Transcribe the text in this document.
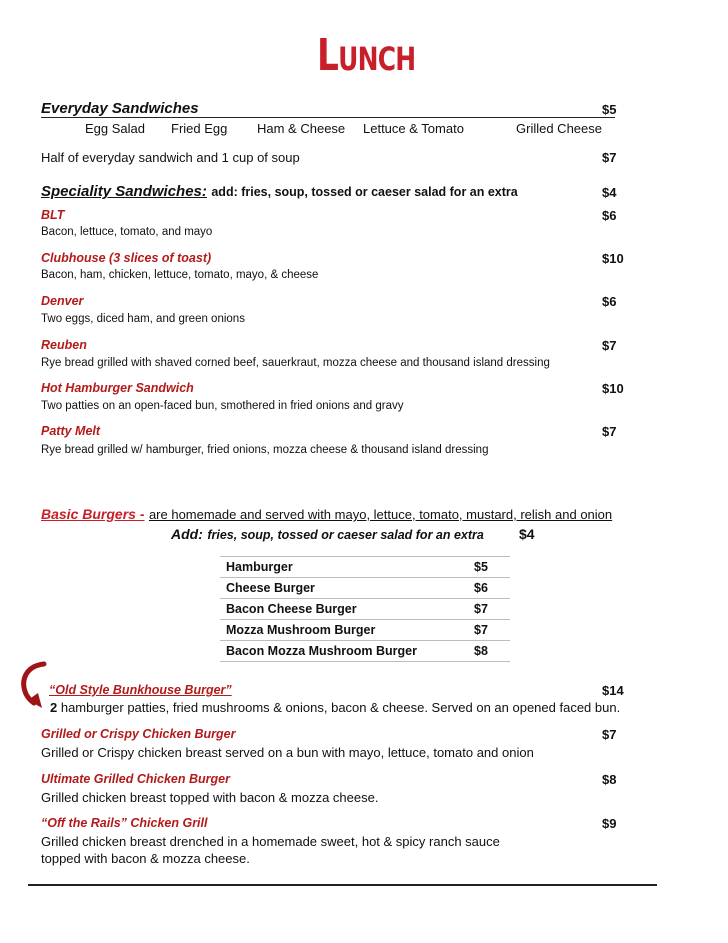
LUNCH
Everyday Sandwiches	$5
Egg Salad Fried Egg Ham & Cheese Lettuce & Tomato	Grilled Cheese
Half of everyday sandwich and 1 cup of soup	$7
Speciality Sandwiches: add: fries, soup, tossed or caeser salad for an extra	$4
BLT	$6
Bacon, lettuce, tomato, and mayo
Clubhouse (3 slices of toast)	$10
Bacon, ham, chicken, lettuce, tomato, mayo, & cheese
Denver	$6
Two eggs, diced ham, and green onions
Reuben	$7
Rye bread grilled with shaved corned beef, sauerkraut, mozza cheese and thousand island dressing
Hot Hamburger Sandwich	$10
Two patties on an open-faced bun, smothered in fried onions and gravy
Patty Melt	$7
Rye bread grilled w/ hamburger, fried onions, mozza cheese & thousand island dressing
Basic Burgers - are homemade and served with mayo, lettuce, tomato, mustard, relish and onion
Add: fries, soup, tossed or caeser salad for an extra	$4
Hamburger	$5
Cheese Burger	$6
Bacon Cheese Burger	$7
Mozza Mushroom Burger	$7
Bacon Mozza Mushroom Burger	$8
“Old Style Bunkhouse Burger”	$14
2 hamburger patties, fried mushrooms & onions, bacon & cheese. Served on an opened faced bun.
Grilled or Crispy Chicken Burger	$7
Grilled or Crispy chicken breast served on a bun with mayo, lettuce, tomato and onion
Ultimate Grilled Chicken Burger	$8
Grilled chicken breast topped with bacon & mozza cheese.
“Off the Rails” Chicken Grill	$9
Grilled chicken breast drenched in a homemade sweet, hot & spicy ranch sauce
topped with bacon & mozza cheese.
